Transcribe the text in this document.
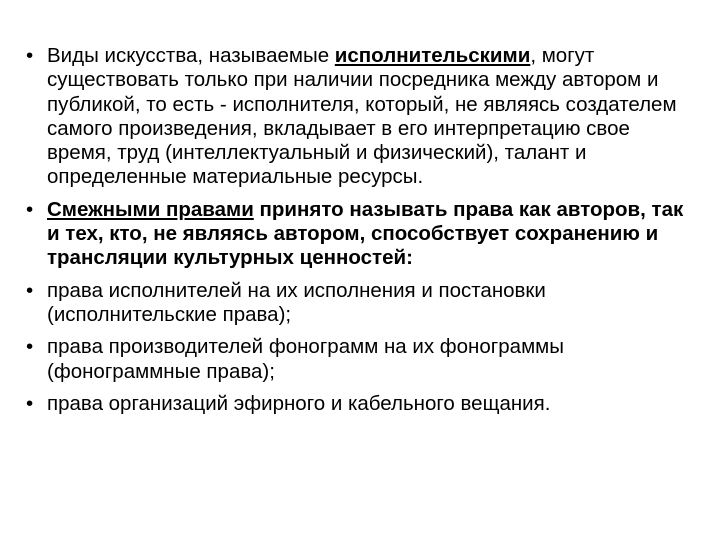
• Виды искусства, называемые исполнительскими, могут существовать только при наличии посредника между автором и публикой, то есть - исполнителя, который, не являясь создателем самого произведения, вкладывает в его интерпретацию свое время, труд (интеллектуальный и физический), талант и определенные материальные ресурсы.
• Смежными правами принято называть права как авторов, так и тех, кто, не являясь автором, способствует сохранению и трансляции культурных ценностей:
• права исполнителей на их исполнения и постановки (исполнительские права);
• права производителей фонограмм на их фонограммы (фонограммные права);
• права организаций эфирного и кабельного вещания.
